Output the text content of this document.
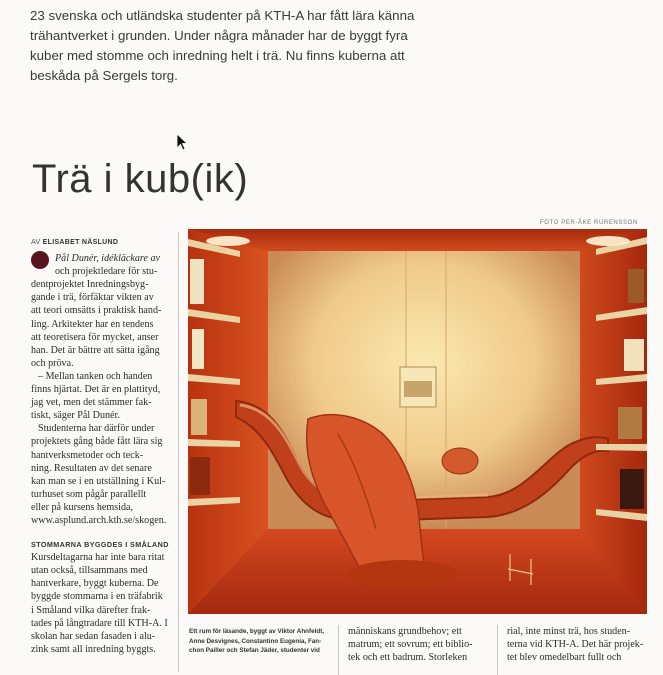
23 svenska och utländska studenter på KTH-A har fått lära känna
trähantverket i grunden. Under några månader har de byggt fyra
kuber med stomme och inredning helt i trä. Nu finns kuberna att
beskåda på Sergels torg.
Trä i kub(ik)
FOTO PER-ÅKE RURENSSON
AV ELISABET NÄSLUND
Pål Dunér, idékläckare av
och projektledare för stu-
dentprojektet Inredningsbyg-
gande i trä, förfäktar vikten av
att teori omsätts i praktisk hand-
ling. Arkitekter har en tendens
att teoretisera för mycket, anser
han. Det är bättre att sätta igång
och pröva.
– Mellan tanken och handen
finns hjärtat. Det är en plattityd,
jag vet, men det stämmer fak-
tiskt, säger Pål Dunér.
Studenterna har därför under
projektets gång både fått lära sig
hantverksmetoder och teck-
ning. Resultaten av det senare
kan man se i en utställning i Kul-
turhuset som pågår parallellt
eller på kursens hemsida,
www.asplund.arch.kth.se/skogen.
STOMMARNA BYGGDES I SMÅLAND
Kursdeltagarna har inte bara ritat
utan också, tillsammans med
hantverkare, byggt kuberna. De
byggde stommarna i en träfabrik
i Småland vilka därefter frak-
tades på långtradare till KTH-A. I
skolan har sedan fasaden i alu-
zink samt all inredning byggts.
Ett rum för läsande, byggt av Viktor Ahnfeldt,
Anne Desvignes, Constantino Eugenia, Fan-
chon Pailler och Stefan Jäder, studenter vid
människans grundbehov; ett
matrum; ett sovrum; ett biblio-
tek och ett badrum. Storleken
rial, inte minst trä, hos studen-
terna vid KTH-A. Det här projek-
tet blev omedelbart fullt och
